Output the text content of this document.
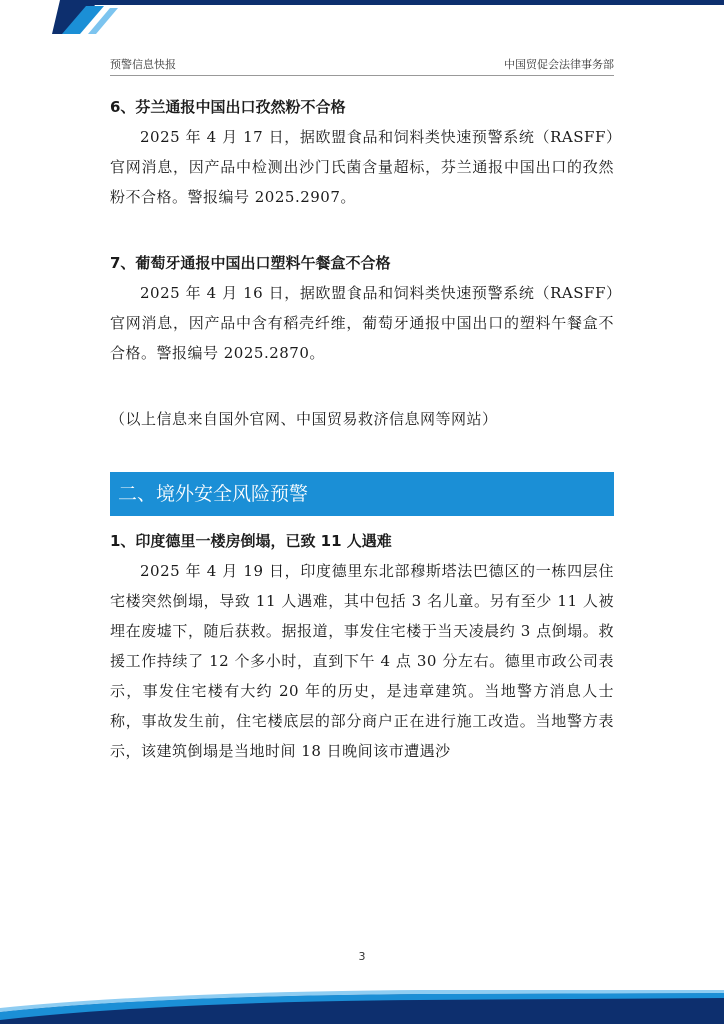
预警信息快报	中国贸促会法律事务部

6、芬兰通报中国出口孜然粉不合格

2025 年 4 月 17 日，据欧盟食品和饲料类快速预警系统（RASFF）官网消息，因产品中检测出沙门氏菌含量超标，芬兰通报中国出口的孜然粉不合格。警报编号 2025.2907。

7、葡萄牙通报中国出口塑料午餐盒不合格

2025 年 4 月 16 日，据欧盟食品和饲料类快速预警系统（RASFF）官网消息，因产品中含有稻壳纤维，葡萄牙通报中国出口的塑料午餐盒不合格。警报编号 2025.2870。

（以上信息来自国外官网、中国贸易救济信息网等网站）

二、境外安全风险预警

1、印度德里一楼房倒塌，已致 11 人遇难

2025 年 4 月 19 日，印度德里东北部穆斯塔法巴德区的一栋四层住宅楼突然倒塌，导致 11 人遇难，其中包括 3 名儿童。另有至少 11 人被埋在废墟下，随后获救。据报道，事发住宅楼于当天凌晨约 3 点倒塌。救援工作持续了 12 个多小时，直到下午 4 点 30 分左右。德里市政公司表示，事发住宅楼有大约 20 年的历史，是违章建筑。当地警方消息人士称，事故发生前，住宅楼底层的部分商户正在进行施工改造。当地警方表示，该建筑倒塌是当地时间 18 日晚间该市遭遇沙

3
